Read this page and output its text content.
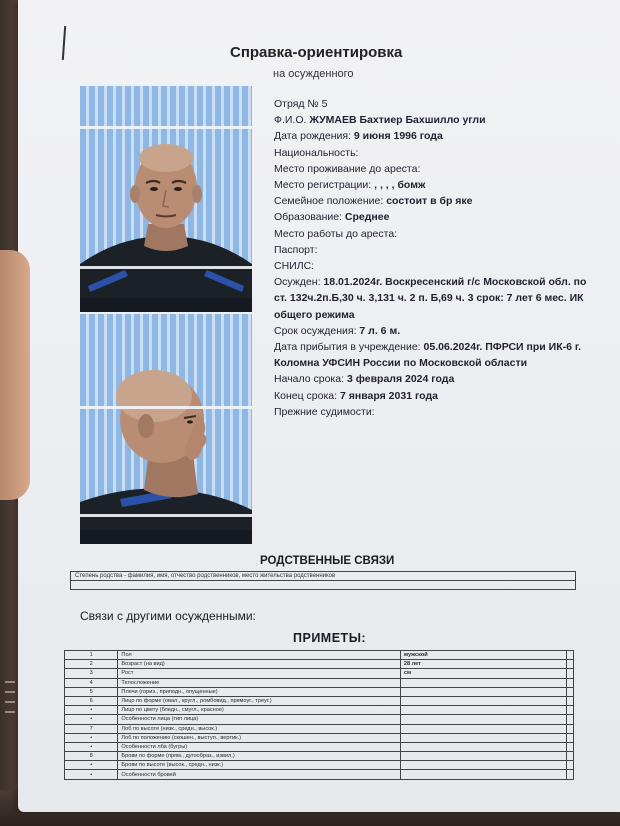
Справка-ориентировка
на осужденного
Отряд № 5
Ф.И.О. ЖУМАЕВ Бахтиер Бахшилло угли
Дата рождения: 9 июня 1996 года
Национальность:
Место проживание до ареста:
Место регистрации: , , , , бомж
Семейное положение: состоит в бр яке
Образование: Среднее
Место работы до ареста:
Паспорт:
СНИЛС:
Осужден: 18.01.2024г. Воскресенский г/с Московской обл. по ст. 132ч.2п.Б,30 ч. 3,131 ч. 2 п. Б,69 ч. 3 срок: 7 лет 6 мес. ИК общего режима
Срок осуждения: 7 л. 6 м.
Дата прибытия в учреждение: 05.06.2024г. ПФРСИ при ИК-6 г. Коломна УФСИН России по Московской области
Начало срока: 3 февраля 2024 года
Конец срока: 7 января 2031 года
Прежние судимости:
РОДСТВЕННЫЕ СВЯЗИ
Степень родства - фамилия, имя, отчество родственников, место жительства родственников

Связи с другими осужденными:
ПРИМЕТЫ:
1	Пол	мужской	
2	Возраст (на вид)	28 лет	
3	Рост	см	
4	Телосложение		
5	Плечи (гориз., приподн., опущенные)		
6	Лицо по форме (овал., кругл., ромбовид., прямоуг., треуг.)		
•	Лицо по цвету (бледн., смугл., красное)		
•	Особенности лица (тип лица)		
7	Лоб по высоте (низк., средн., высок.)		
•	Лоб по положению (скошен., выступ., вертик.)		
•	Особенности лба (бугры)		
8	Брови по форме (прям., дугообраз., извил.)		
•	Брови по высоте (высок., средн., низк.)		
•	Особенности бровей		
